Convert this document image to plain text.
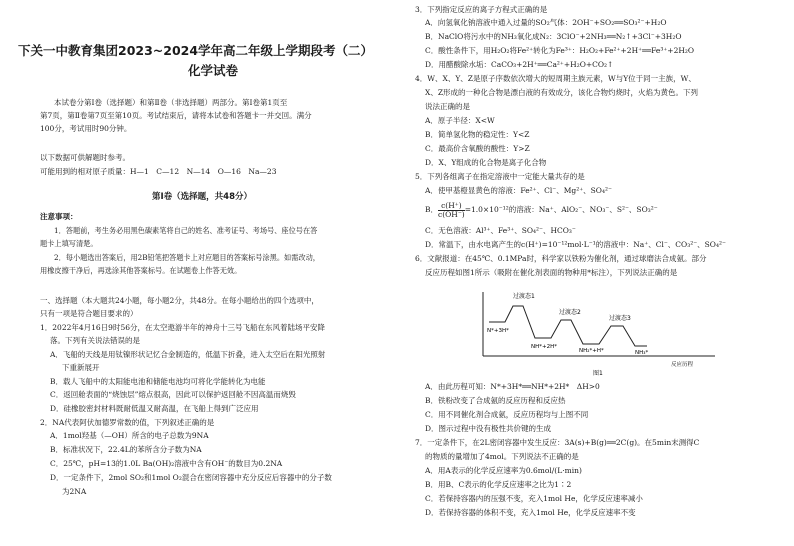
下关一中教育集团2023~2024学年高二年级上学期段考（二）
化学试卷
本试卷分第Ⅰ卷（选择题）和第Ⅱ卷（非选择题）两部分。第Ⅰ卷第1页至
第7页，第Ⅱ卷第7页至第10页。考试结束后，请将本试卷和答题卡一并交回。满分
100分，考试用时90分钟。
以下数据可供解题时参考。
可能用到的相对原子质量：H—1　C—12　N—14　O—16　Na—23
第Ⅰ卷（选择题，共48分）
注意事项：
1．答题前，考生务必用黑色碳素笔将自己的姓名、准考证号、考场号、座位号在答
题卡上填写清楚。
2．每小题选出答案后，用2B铅笔把答题卡上对应题目的答案标号涂黑。如需改动，
用橡皮擦干净后，再选涂其他答案标号。在试题卷上作答无效。
一、选择题（本大题共24小题，每小题2分，共48分。在每小题给出的四个选项中，
只有一项是符合题目要求的）
1．2022年4月16日9时56分，在太空遨游半年的神舟十三号飞船在东风着陆场平安降
落。下列有关说法错误的是
A．飞船的天线是用钛镍形状记忆合金制造的，低温下折叠，进入太空后在阳光照射
下重新展开
B．载人飞船中的太阳能电池和储能电池均可将化学能转化为电能
C．返回舱表面的“烧蚀层”熔点很高，因此可以保护返回舱不因高温而烧毁
D．硅橡胶密封材料既耐低温又耐高温，在飞船上得到广泛应用
2．NA代表阿伏加德罗常数的值，下列叙述正确的是
A．1mol羟基（—OH）所含的电子总数为9NA
B．标准状况下，22.4L的苯所含分子数为NA
C．25℃，pH=13的1.0L Ba(OH)₂溶液中含有OH⁻的数目为0.2NA
D．一定条件下，2mol SO₂和1mol O₂混合在密闭容器中充分反应后容器中的分子数
为2NA
3．下列指定反应的离子方程式正确的是
A．向氢氧化钠溶液中通入过量的SO₂气体：2OH⁻+SO₂══SO₃²⁻+H₂O
B．NaClO将污水中的NH₃氧化成N₂：3ClO⁻+2NH₃══N₂↑+3Cl⁻+3H₂O
C．酸性条件下，用H₂O₂将Fe²⁺转化为Fe³⁺：H₂O₂+Fe²⁺+2H⁺══Fe³⁺+2H₂O
D．用醋酸除水垢：CaCO₃+2H⁺══Ca²⁺+H₂O+CO₂↑
4．W、X、Y、Z是原子序数依次增大的短周期主族元素，W与Y位于同一主族，W、
X、Z形成的一种化合物是漂白液的有效成分，该化合物灼烧时，火焰为黄色。下列
说法正确的是
A．原子半径：X<W
B．简单氢化物的稳定性：Y<Z
C．最高价含氧酸的酸性：Y>Z
D．X、Y组成的化合物是离子化合物
5．下列各组离子在指定溶液中一定能大量共存的是
A．使甲基橙显黄色的溶液：Fe²⁺、Cl⁻、Mg²⁺、SO₄²⁻
B． $\frac{c(H^+)}{c(OH^-)} =1.0\times 10^{-12}$的溶液：Na⁺、AlO₂⁻、NO₃⁻、S²⁻、SO₃²⁻
C．无色溶液：Al³⁺、Fe³⁺、SO₄²⁻、HCO₃⁻
D．常温下，由水电离产生的c(H⁺)=10⁻¹²mol·L⁻¹的溶液中：Na⁺、Cl⁻、CO₃²⁻、SO₄²⁻
6．文献报道：在45℃、0.1MPa时，科学家以铁粉为催化剂，通过球磨法合成氨。部分
反应历程如图1所示（吸附在催化剂表面的物种用*标注），下列说法正确的是
过渡态1
过渡态2
过渡态3
N*+3H*
NH*+2H*
NH₂*+H*	NH₃*
反应历程
图1
A．由此历程可知：N*+3H*══NH*+2H*　ΔH>0
B．铁粉改变了合成氨的反应历程和反应热
C．用不同催化剂合成氨，反应历程均与上图不同
D．图示过程中没有极性共价键的生成
7．一定条件下，在2L密闭容器中发生反应：3A(s)+B(g)══2C(g)。在5min末测得C
的物质的量增加了4mol。下列说法不正确的是
A．用A表示的化学反应速率为0.6mol/(L·min)
B．用B、C表示的化学反应速率之比为1∶2
C．若保持容器内的压强不变，充入1mol He，化学反应速率减小
D．若保持容器的体积不变，充入1mol He，化学反应速率不变
